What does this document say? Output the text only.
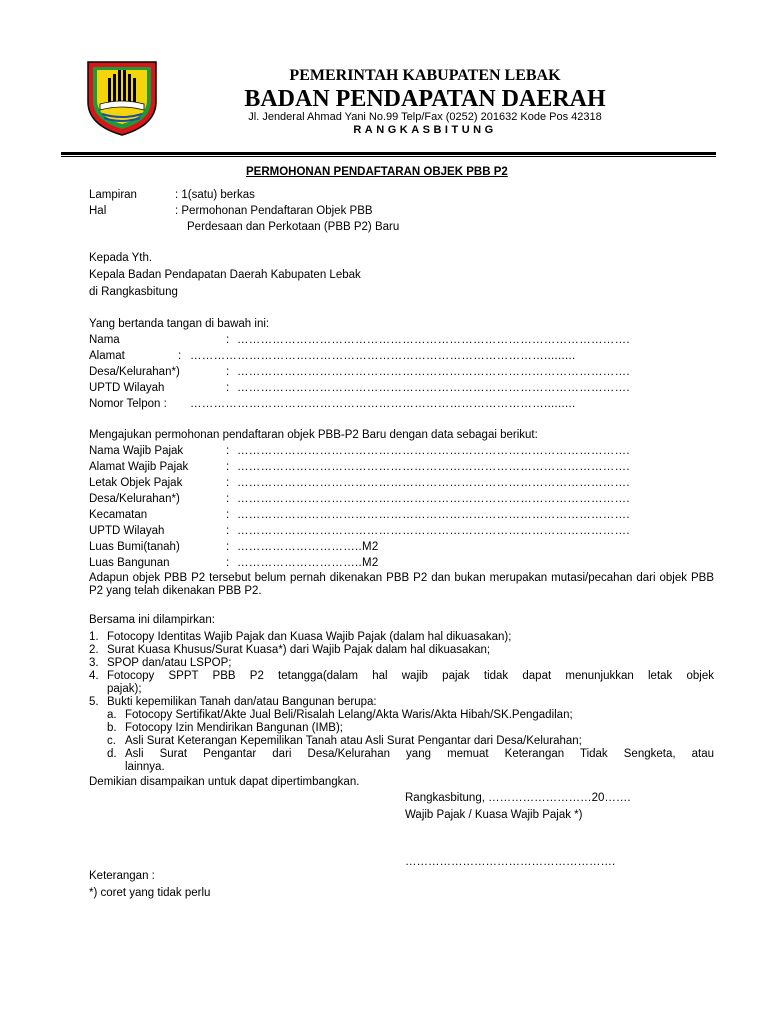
PEMERINTAH KABUPATEN LEBAK
BADAN PENDAPATAN DAERAH
Jl. Jenderal Ahmad Yani No.99 Telp/Fax (0252) 201632 Kode Pos 42318
RANGKASBITUNG
PERMOHONAN PENDAFTARAN OBJEK PBB P2
Lampiran	: 1(satu) berkas
Hal	: Permohonan Pendaftaran Objek PBB
Perdesaan dan Perkotaan (PBB P2) Baru
Kepada Yth.
Kepala Badan Pendapatan Daerah Kabupaten Lebak
di Rangkasbitung
Yang bertanda tangan di bawah ini:
Nama	: ……………………………………………………………………………………….
Alamat	: ……………………………………………………………………………….........
Desa/Kelurahan*)	: ……………………………………………………………………………………….
UPTD Wilayah	: ……………………………………………………………………………………….
Nomor Telpon : ……………………………………………………………………………….........
Mengajukan permohonan pendaftaran objek PBB-P2 Baru dengan data sebagai berikut:
Nama Wajib Pajak	: ……………………………………………………………………………………….
Alamat Wajib Pajak	: ……………………………………………………………………………………….
Letak Objek Pajak	: ……………………………………………………………………………………….
Desa/Kelurahan*)	: ……………………………………………………………………………………….
Kecamatan	: ……………………………………………………………………………………….
UPTD Wilayah	: ……………………………………………………………………………………….
Luas Bumi(tanah)	: …………………………..M2
Luas Bangunan	: …………………………..M2
Adapun objek PBB P2 tersebut belum pernah dikenakan PBB P2 dan bukan merupakan mutasi/pecahan dari objek PBB P2 yang telah dikenakan PBB P2.
Bersama ini dilampirkan:
1. Fotocopy Identitas Wajib Pajak dan Kuasa Wajib Pajak (dalam hal dikuasakan);
2. Surat Kuasa Khusus/Surat Kuasa*) dari Wajib Pajak dalam hal dikuasakan;
3. SPOP dan/atau LSPOP;
4. Fotocopy SPPT PBB P2 tetangga(dalam hal wajib pajak tidak dapat menunjukkan letak objek
pajak);
5. Bukti kepemilikan Tanah dan/atau Bangunan berupa:
a. Fotocopy Sertifikat/Akte Jual Beli/Risalah Lelang/Akta Waris/Akta Hibah/SK.Pengadilan;
b. Fotocopy Izin Mendirikan Bangunan (IMB);
c. Asli Surat Keterangan Kepemilikan Tanah atau Asli Surat Pengantar dari Desa/Kelurahan;
d. Asli Surat Pengantar dari Desa/Kelurahan yang memuat Keterangan Tidak Sengketa, atau
lainnya.
Demikian disampaikan untuk dapat dipertimbangkan.
Rangkasbitung, ………………………20…….
Wajib Pajak / Kuasa Wajib Pajak *)
……………………………………………….
Keterangan :
*) coret yang tidak perlu
